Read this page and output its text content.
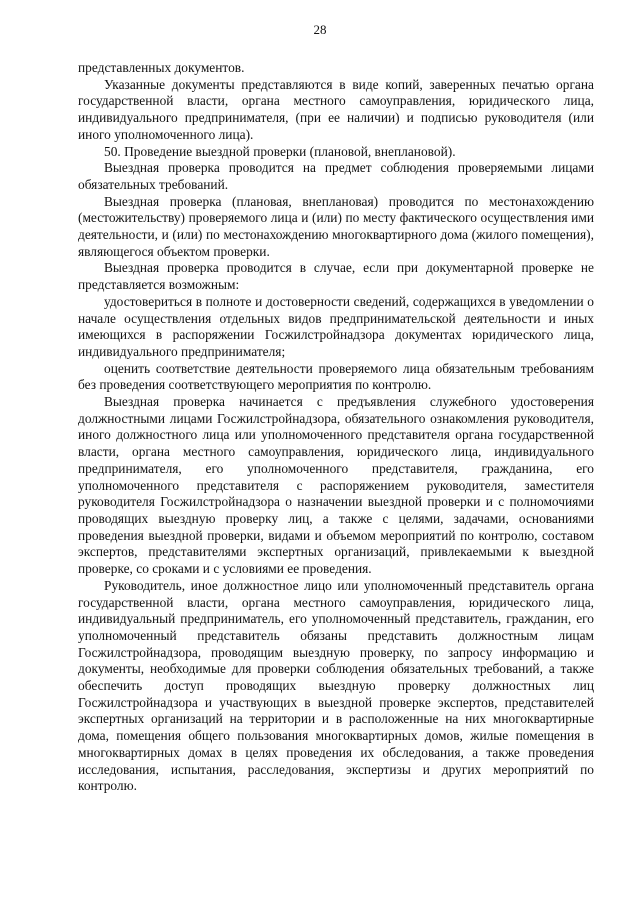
28

представленных документов.

Указанные документы представляются в виде копий, заверенных печатью органа государственной власти, органа местного самоуправления, юридического лица, индивидуального предпринимателя, (при ее наличии) и подписью руководителя (или иного уполномоченного лица).

50. Проведение выездной проверки (плановой, внеплановой).

Выездная проверка проводится на предмет соблюдения проверяемыми лицами обязательных требований.

Выездная проверка (плановая, внеплановая) проводится по местонахождению (местожительству) проверяемого лица и (или) по месту фактического осуществления ими деятельности, и (или) по местонахождению многоквартирного дома (жилого помещения), являющегося объектом проверки.

Выездная проверка проводится в случае, если при документарной проверке не представляется возможным:

удостовериться в полноте и достоверности сведений, содержащихся в уведомлении о начале осуществления отдельных видов предпринимательской деятельности и иных имеющихся в распоряжении Госжилстройнадзора документах юридического лица, индивидуального предпринимателя;

оценить соответствие деятельности проверяемого лица обязательным требованиям без проведения соответствующего мероприятия по контролю.

Выездная проверка начинается с предъявления служебного удостоверения должностными лицами Госжилстройнадзора, обязательного ознакомления руководителя, иного должностного лица или уполномоченного представителя органа государственной власти, органа местного самоуправления, юридического лица, индивидуального предпринимателя, его уполномоченного представителя, гражданина, его уполномоченного представителя с распоряжением руководителя, заместителя руководителя Госжилстройнадзора о назначении выездной проверки и с полномочиями проводящих выездную проверку лиц, а также с целями, задачами, основаниями проведения выездной проверки, видами и объемом мероприятий по контролю, составом экспертов, представителями экспертных организаций, привлекаемыми к выездной проверке, со сроками и с условиями ее проведения.

Руководитель, иное должностное лицо или уполномоченный представитель органа государственной власти, органа местного самоуправления, юридического лица, индивидуальный предприниматель, его уполномоченный представитель, гражданин, его уполномоченный представитель обязаны представить должностным лицам Госжилстройнадзора, проводящим выездную проверку, по запросу информацию и документы, необходимые для проверки соблюдения обязательных требований, а также обеспечить доступ проводящих выездную проверку должностных лиц Госжилстройнадзора и участвующих в выездной проверке экспертов, представителей экспертных организаций на территории и в расположенные на них многоквартирные дома, помещения общего пользования многоквартирных домов, жилые помещения в многоквартирных домах в целях проведения их обследования, а также проведения исследования, испытания, расследования, экспертизы и других мероприятий по контролю.
